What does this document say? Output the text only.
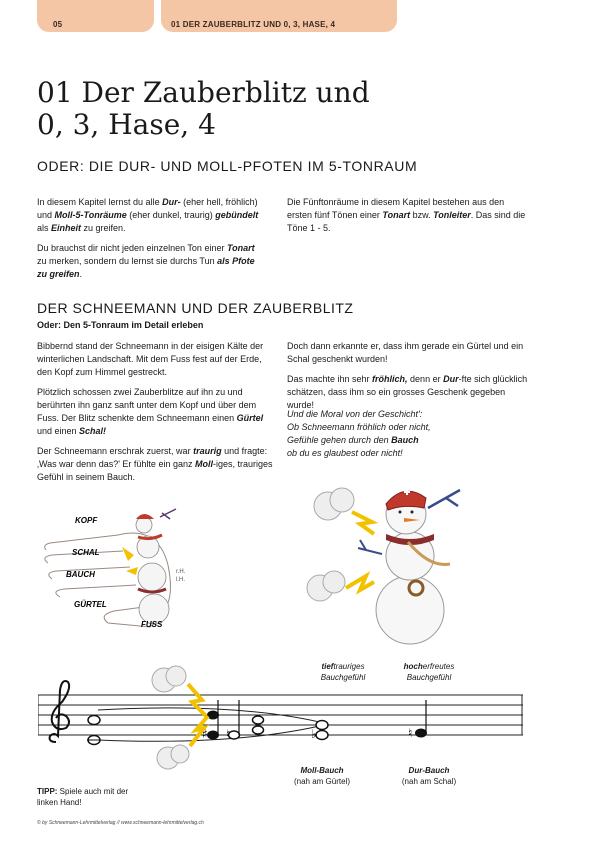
05	01 DER ZAUBERBLITZ UND 0, 3, HASE, 4
01 Der Zauberblitz und
0, 3, Hase, 4
ODER: DIE DUR- UND MOLL-PFOTEN IM 5-TONRAUM

In diesem Kapitel lernst du alle Dur- (eher hell, fröhlich) und Moll-5-Tonräume (eher dunkel, traurig) gebündelt als Einheit zu greifen.

Du brauchst dir nicht jeden einzelnen Ton einer Tonart zu merken, sondern du lernst sie durchs Tun als Pfote zu greifen.

Die Fünftonräume in diesem Kapitel bestehen aus den ersten fünf Tönen einer Tonart bzw. Tonleiter. Das sind die Töne 1 - 5.

DER SCHNEEMANN UND DER ZAUBERBLITZ
Oder: Den 5-Tonraum im Detail erleben

Bibbernd stand der Schneemann in der eisigen Kälte der winterlichen Landschaft. Mit dem Fuss fest auf der Erde, den Kopf zum Himmel gestreckt.

Plötzlich schossen zwei Zauberblitze auf ihn zu und berührten ihn ganz sanft unter dem Kopf und über dem Fuss. Der Blitz schenkte dem Schneemann einen Gürtel und einen Schal!

Der Schneemann erschrak zuerst, war traurig und fragte: ‚Was war denn das?' Er fühlte ein ganz Moll-iges, trauriges Gefühl in seinem Bauch.

Doch dann erkannte er, dass ihm gerade ein Gürtel und ein Schal geschenkt wurden!

Das machte ihn sehr fröhlich, denn er Dur-fte sich glücklich schätzen, dass ihm so ein grosses Geschenk gegeben wurde!

Und die Moral von der Geschicht':
Ob Schneemann fröhlich oder nicht,
Gefühle gehen durch den Bauch
ob du es glaubest oder nicht!
KOPF
SCHAL
BAUCH
GÜRTEL
FUSS
r.H.
l.H.
tieftrauriges
Bauchgefühl
hocherfreutes
Bauchgefühl
♯ ♮	♭	♮
Moll-Bauch
(nah am Gürtel)
Dur-Bauch
(nah am Schal)
TIPP: Spiele auch mit der
linken Hand!
© by Schneemann-Lehrmittelverlag // www.schneemann-lehrmittelverlag.ch
